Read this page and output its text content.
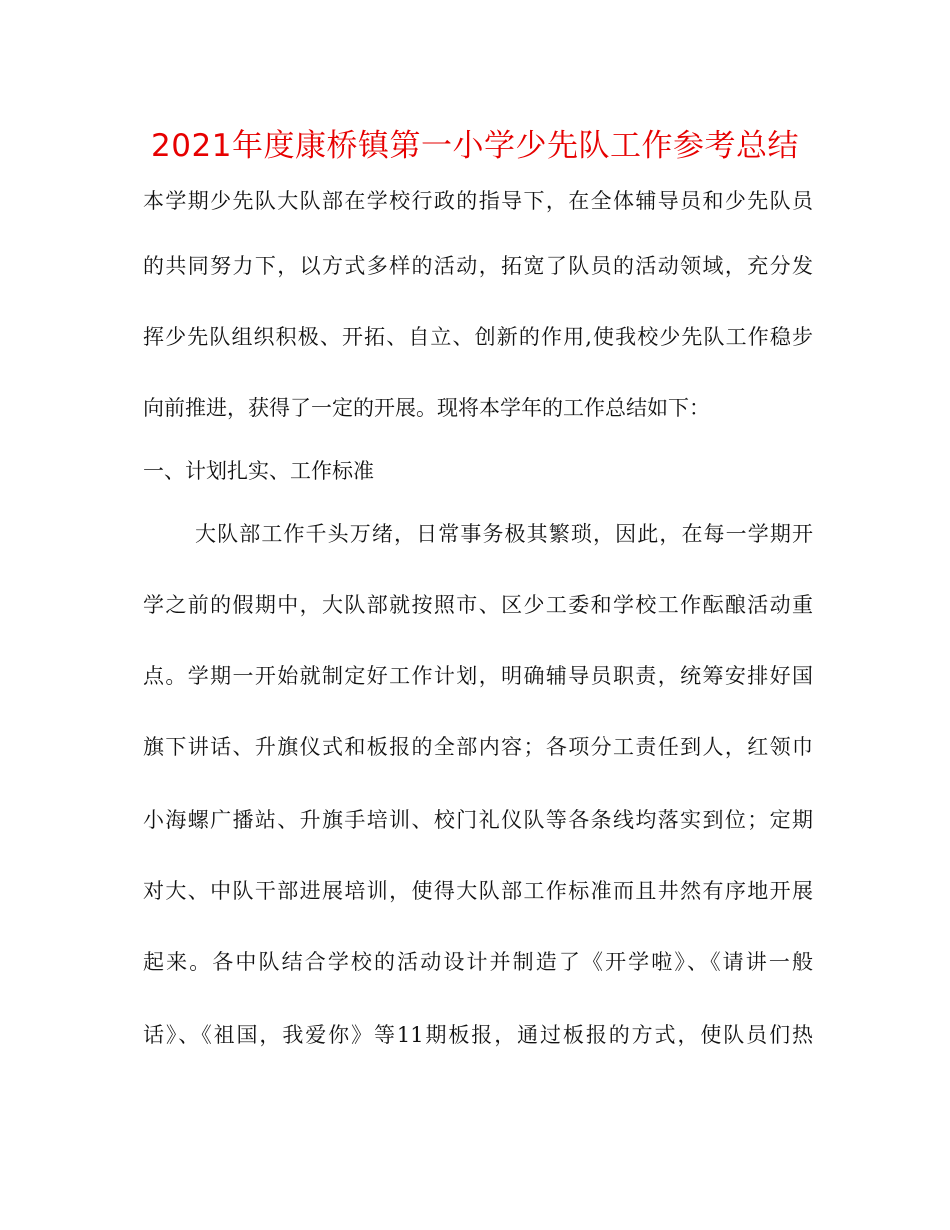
2021年度康桥镇第一小学少先队工作参考总结
本学期少先队大队部在学校行政的指导下，在全体辅导员和少先队员
的共同努力下，以方式多样的活动，拓宽了队员的活动领域，充分发
挥少先队组织积极、开拓、自立、创新的作用,使我校少先队工作稳步
向前推进，获得了一定的开展。现将本学年的工作总结如下：
一、计划扎实、工作标准
大队部工作千头万绪，日常事务极其繁琐，因此，在每一学期开
学之前的假期中，大队部就按照市、区少工委和学校工作酝酿活动重
点。学期一开始就制定好工作计划，明确辅导员职责，统筹安排好国
旗下讲话、升旗仪式和板报的全部内容；各项分工责任到人，红领巾
小海螺广播站、升旗手培训、校门礼仪队等各条线均落实到位；定期
对大、中队干部进展培训，使得大队部工作标准而且井然有序地开展
起来。各中队结合学校的活动设计并制造了《开学啦》、《请讲一般
话》、《祖国，我爱你》等11期板报，通过板报的方式，使队员们热
